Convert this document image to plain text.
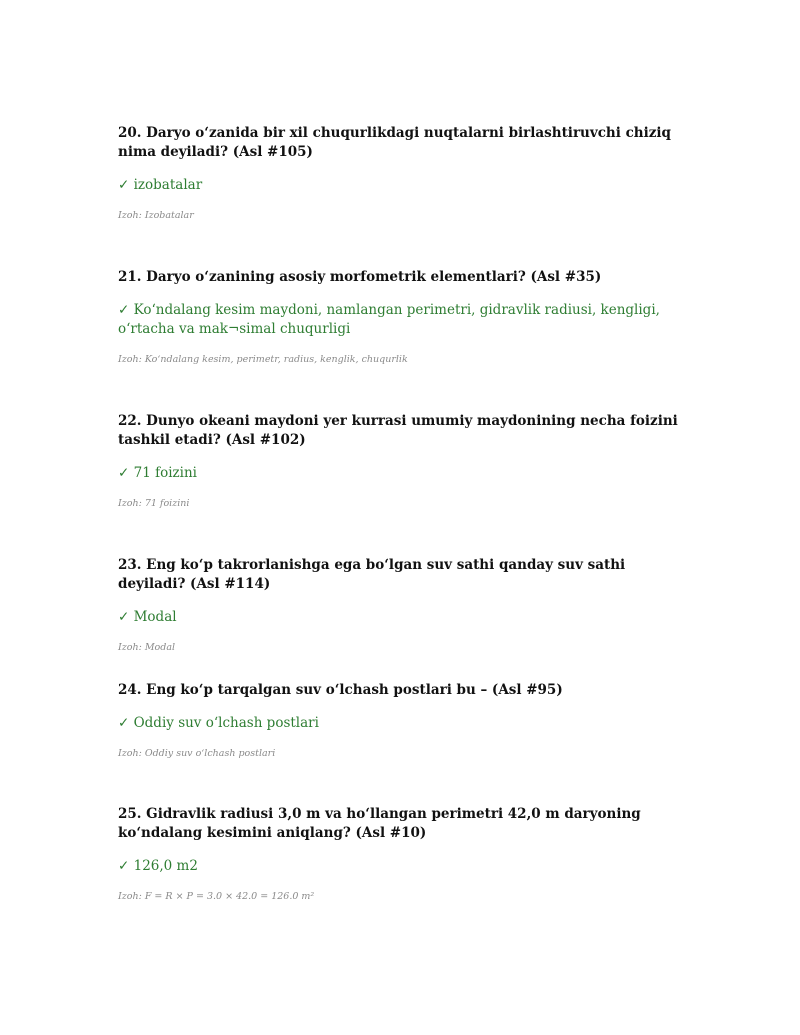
20. Daryo o‘zanida bir xil chuqurlikdagi nuqtalarni birlashtiruvchi chiziq nima deyiladi? (Asl #105)

✓ izobatalar

Izoh: Izobatalar

21. Daryo o‘zanining asosiy morfometrik elementlari? (Asl #35)

✓ Ko‘ndalang kesim maydoni, namlangan perimetri, gidravlik radiusi, kengligi, o‘rtacha va mak¬simal chuqurligi

Izoh: Ko‘ndalang kesim, perimetr, radius, kenglik, chuqurlik

22. Dunyo okeani maydoni yer kurrasi umumiy maydonining necha foizini tashkil etadi? (Asl #102)

✓ 71 foizini

Izoh: 71 foizini

23. Eng ko‘p takrorlanishga ega bo‘lgan suv sathi qanday suv sathi deyiladi? (Asl #114)

✓ Modal

Izoh: Modal

24. Eng ko‘p tarqalgan suv o‘lchash postlari bu – (Asl #95)

✓ Oddiy suv o‘lchash postlari

Izoh: Oddiy suv o‘lchash postlari

25. Gidravlik radiusi 3,0 m va ho‘llangan perimetri 42,0 m daryoning ko‘ndalang kesimini aniqlang? (Asl #10)

✓ 126,0 m2

Izoh: F = R × P = 3.0 × 42.0 = 126.0 m²
